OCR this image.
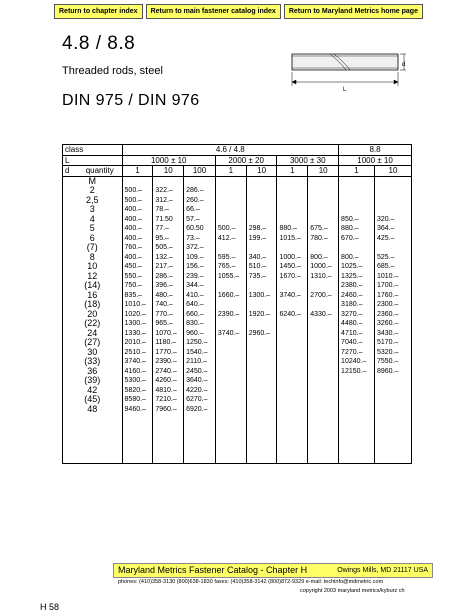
Return to chapter index	Return to main fastener catalog index	Return to Maryland Metrics home page
4.8 / 8.8
Threaded rods, steel
DIN 975 / DIN 976
d
L
class	4.6 / 4.8							8.8	
L	1000 ± 10			2000 ± 20		3000 ± 30		1000 ± 10	
d quantity	1	10	100	1	10	1	10	1	10
M									
2	500.–	322.–	286.–						
2,5	500.–	312.–	260.–						
3	400.–	78.–	66.–						
4	400.–	71.50	57.–					850.–	320.–
5	400.–	77.–	60.50	500.–	298.–	880.–	675.–	880.–	364.–
6	400.–	95.–	73.–	412.–	199.–	1015.–	780.–	670.–	425.–
(7)	760.–	505.–	372.–						
8	400.–	132.–	109.–	595.–	340.–	1000.–	800.–	800.–	525.–
10	450.–	217.–	156.–	765.–	510.–	1450.–	1000.–	1025.–	685.–
12	550.–	286.–	239.–	1055.–	735.–	1670.–	1310.–	1325.–	1010.–
(14)	750.–	396.–	344.–					2380.–	1700.–
16	835.–	480.–	410.–	1660.–	1300.–	3740.–	2700.–	2460.–	1760.–
(18)	1010.–	740.–	640.–					3180.–	2300.–
20	1020.–	770.–	660.–	2390.–	1920.–	6240.–	4330.–	3270.–	2360.–
(22)	1300.–	965.–	830.–					4480.–	3260.–
24	1330.–	1070.–	960.–	3740.–	2960.–			4710.–	3430.–
(27)	2010.–	1180.–	1250.–					7040.–	5170.–
30	2510.–	1770.–	1540.–					7270.–	5320.–
(33)	3740.–	2390.–	2110.–					10240.–	7550.–
36	4160.–	2740.–	2450.–					12150.–	8960.–
(39)	5300.–	4260.–	3640.–						
42	5820.–	4810.–	4220.–						
(45)	8580.–	7210.–	6270.–						
48	9460.–	7960.–	6920.–						
Maryland Metrics Fastener Catalog - Chapter H	Owings Mills, MD 21117 USA
phones: (410)358-3130 (800)638-1830 faxes: (410)358-3142 (800)872-9329 e-mail: techinfo@mdmetric.com
copyright 2003 maryland metrics/kyburz ch
H 58
